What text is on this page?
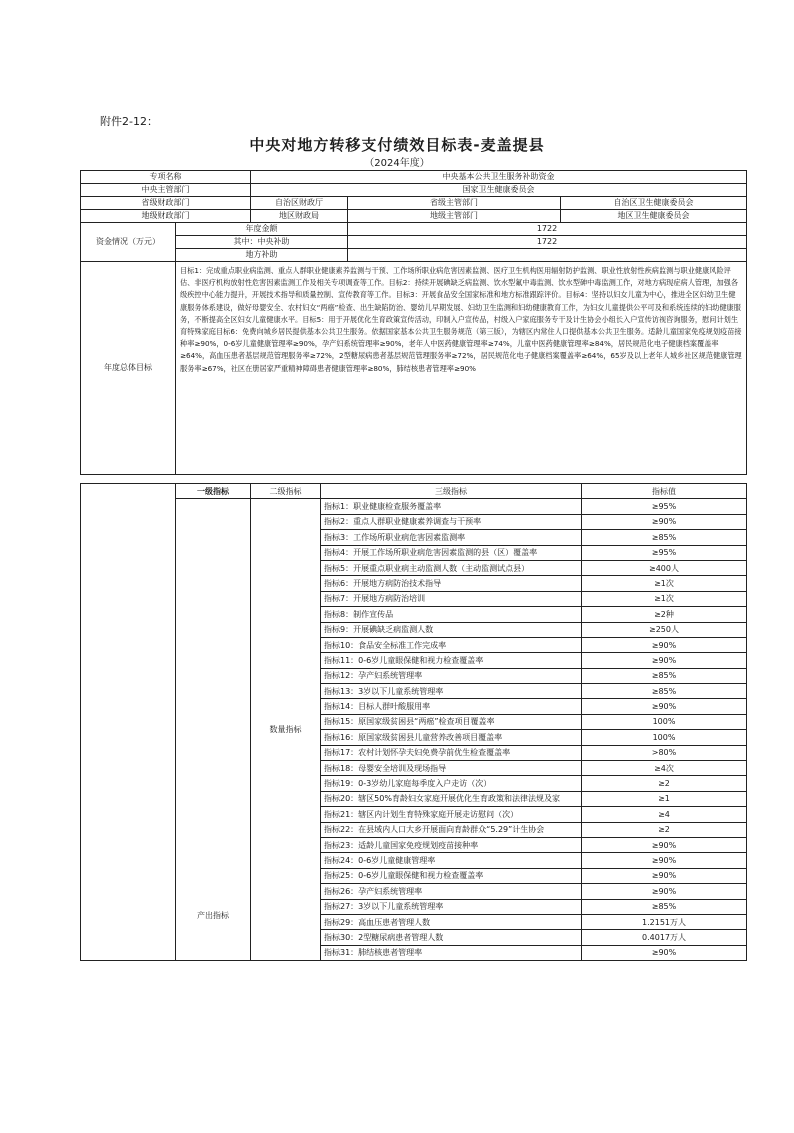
附件2-12：
中央对地方转移支付绩效目标表-麦盖提县
（2024年度）
专项名称		中央基本公共卫生服务补助资金		
中央主管部门		国家卫生健康委员会		
省级财政部门		自治区财政厅	省级主管部门	自治区卫生健康委员会
地级财政部门		地区财政局	地级主管部门	地区卫生健康委员会
资金情况（万元）	年度金额		1722	
	其中：中央补助		1722	
	地方补助			
年度总体目标	目标1：完成重点职业病监测、重点人群职业健康素养监测与干预、工作场所职业病危害因素监测、医疗卫生机构医用辐射防护监测、职业性放射性疾病监测与职业健康风险评估、非医疗机构放射性危害因素监测工作及相关专项调查等工作。目标2：持续开展碘缺乏病监测、饮水型氟中毒监测、饮水型砷中毒监测工作，对地方病现症病人管理，加强各级疾控中心能力提升，开展技术指导和质量控制、宣传教育等工作。目标3：开展食品安全国家标准和地方标准跟踪评价。目标4：坚持以妇女儿童为中心，推进全区妇幼卫生健康服务体系建设，做好母婴安全、农村妇女“两癌”检查、出生缺陷防治、婴幼儿早期发展、妇幼卫生监测和妇幼健康教育工作，为妇女儿童提供公平可及和系统连续的妇幼健康服务，不断提高全区妇女儿童健康水平。目标5：用于开展优化生育政策宣传活动，印制入户宣传品，村级入户家庭服务专干及计生协会小组长入户宣传访视咨询服务，慰问计划生育特殊家庭目标6：免费向城乡居民提供基本公共卫生服务。依据国家基本公共卫生服务规范（第三版），为辖区内常住人口提供基本公共卫生服务。适龄儿童国家免疫规划疫苗接种率≥90%，0-6岁儿童健康管理率≥90%，孕产妇系统管理率≥90%，老年人中医药健康管理率≥74%，儿童中医药健康管理率≥84%，居民规范化电子健康档案覆盖率≥64%，高血压患者基层规范管理服务率≥72%，2型糖尿病患者基层规范管理服务率≥72%，居民规范化电子健康档案覆盖率≥64%，65岁及以上老年人城乡社区规范健康管理服务率≥67%，社区在册居家严重精神障碍患者健康管理率≥80%，肺结核患者管理率≥90%			
	一级指标	二级指标	三级指标	指标值
	产出指标	数量指标	指标1：职业健康检查服务覆盖率	≥95%
			指标2：重点人群职业健康素养调查与干预率	≥90%
			指标3：工作场所职业病危害因素监测率	≥85%
			指标4：开展工作场所职业病危害因素监测的县（区）覆盖率	≥95%
			指标5：开展重点职业病主动监测人数（主动监测试点县）	≥400人
			指标6：开展地方病防治技术指导	≥1次
			指标7：开展地方病防治培训	≥1次
			指标8：制作宣传品	≥2种
			指标9：开展碘缺乏病监测人数	≥250人
			指标10：食品安全标准工作完成率	≥90%
			指标11：0-6岁儿童眼保健和视力检查覆盖率	≥90%
			指标12：孕产妇系统管理率	≥85%
			指标13：3岁以下儿童系统管理率	≥85%
			指标14：目标人群叶酸服用率	≥90%
			指标15：原国家级贫困县“两癌”检查项目覆盖率	100%
			指标16：原国家级贫困县儿童营养改善项目覆盖率	100%
			指标17：农村计划怀孕夫妇免费孕前优生检查覆盖率	>80%
			指标18：母婴安全培训及现场指导	≥4次
			指标19：0-3岁幼儿家庭每季度入户走访（次）	≥2
			指标20：辖区50%育龄妇女家庭开展优化生育政策和法律法规及家	≥1
			指标21：辖区内计划生育特殊家庭开展走访慰问（次）	≥4
			指标22：在县域内人口大乡开展面向育龄群众“5.29”计生协会	≥2
			指标23：适龄儿童国家免疫规划疫苗接种率	≥90%
			指标24：0-6岁儿童健康管理率	≥90%
			指标25：0-6岁儿童眼保健和视力检查覆盖率	≥90%
			指标26：孕产妇系统管理率	≥90%
			指标27：3岁以下儿童系统管理率	≥85%
			指标29：高血压患者管理人数	1.2151万人
			指标30：2型糖尿病患者管理人数	0.4017万人
			指标31：肺结核患者管理率	≥90%
